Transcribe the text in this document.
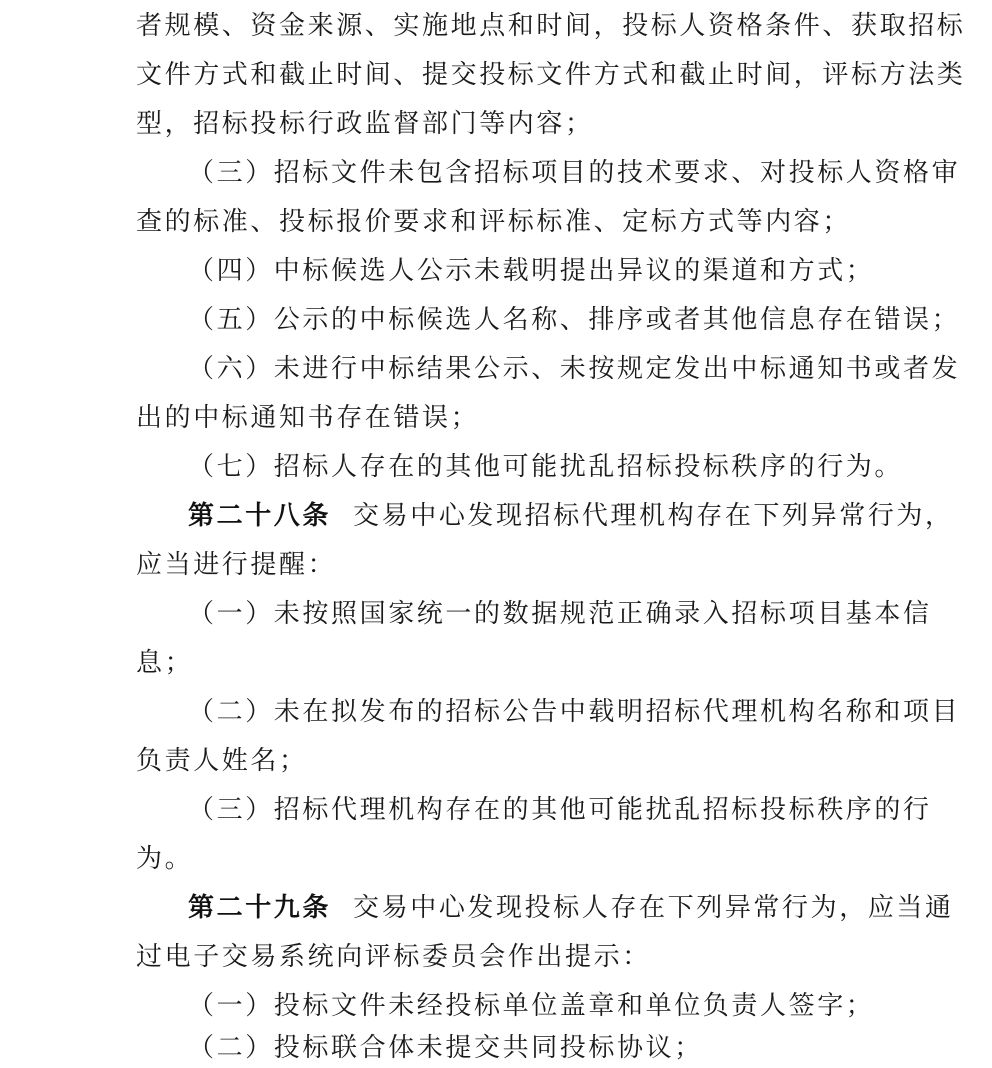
者规模、资金来源、实施地点和时间，投标人资格条件、获取招标
文件方式和截止时间、提交投标文件方式和截止时间，评标方法类
型，招标投标行政监督部门等内容；
（三）招标文件未包含招标项目的技术要求、对投标人资格审
查的标准、投标报价要求和评标标准、定标方式等内容；
（四）中标候选人公示未载明提出异议的渠道和方式；
（五）公示的中标候选人名称、排序或者其他信息存在错误；
（六）未进行中标结果公示、未按规定发出中标通知书或者发
出的中标通知书存在错误；
（七）招标人存在的其他可能扰乱招标投标秩序的行为。
第二十八条 交易中心发现招标代理机构存在下列异常行为，
应当进行提醒：
（一）未按照国家统一的数据规范正确录入招标项目基本信
息；
（二）未在拟发布的招标公告中载明招标代理机构名称和项目
负责人姓名；
（三）招标代理机构存在的其他可能扰乱招标投标秩序的行
为。
第二十九条 交易中心发现投标人存在下列异常行为，应当通
过电子交易系统向评标委员会作出提示：
（一）投标文件未经投标单位盖章和单位负责人签字；
（二）投标联合体未提交共同投标协议；
